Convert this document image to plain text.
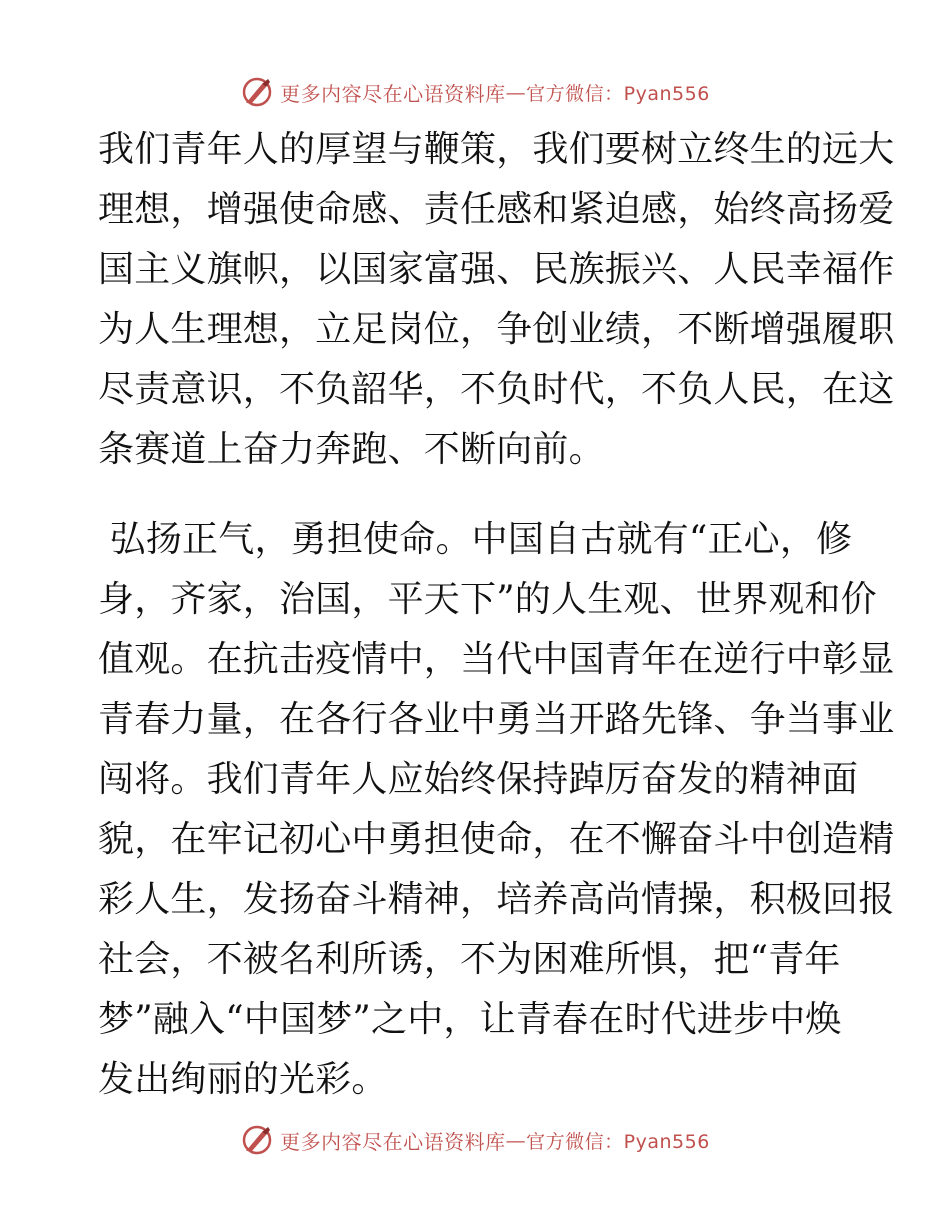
更多内容尽在心语资料库 — 官方微信：Pyan556

我们青年人的厚望与鞭策，我们要树立终生的远大
理想，增强使命感、责任感和紧迫感，始终高扬爱
国主义旗帜，以国家富强、民族振兴、人民幸福作
为人生理想，立足岗位，争创业绩，不断增强履职
尽责意识，不负韶华，不负时代，不负人民，在这
条赛道上奋力奔跑、不断向前。

弘扬正气，勇担使命。中国自古就有“正心，修
身，齐家，治国，平天下”的人生观、世界观和价
值观。在抗击疫情中，当代中国青年在逆行中彰显
青春力量，在各行各业中勇当开路先锋、争当事业
闯将。我们青年人应始终保持踔厉奋发的精神面
貌，在牢记初心中勇担使命，在不懈奋斗中创造精
彩人生，发扬奋斗精神，培养高尚情操，积极回报
社会，不被名利所诱，不为困难所惧，把“青年
梦”融入“中国梦”之中，让青春在时代进步中焕
发出绚丽的光彩。

更多内容尽在心语资料库 — 官方微信：Pyan556
